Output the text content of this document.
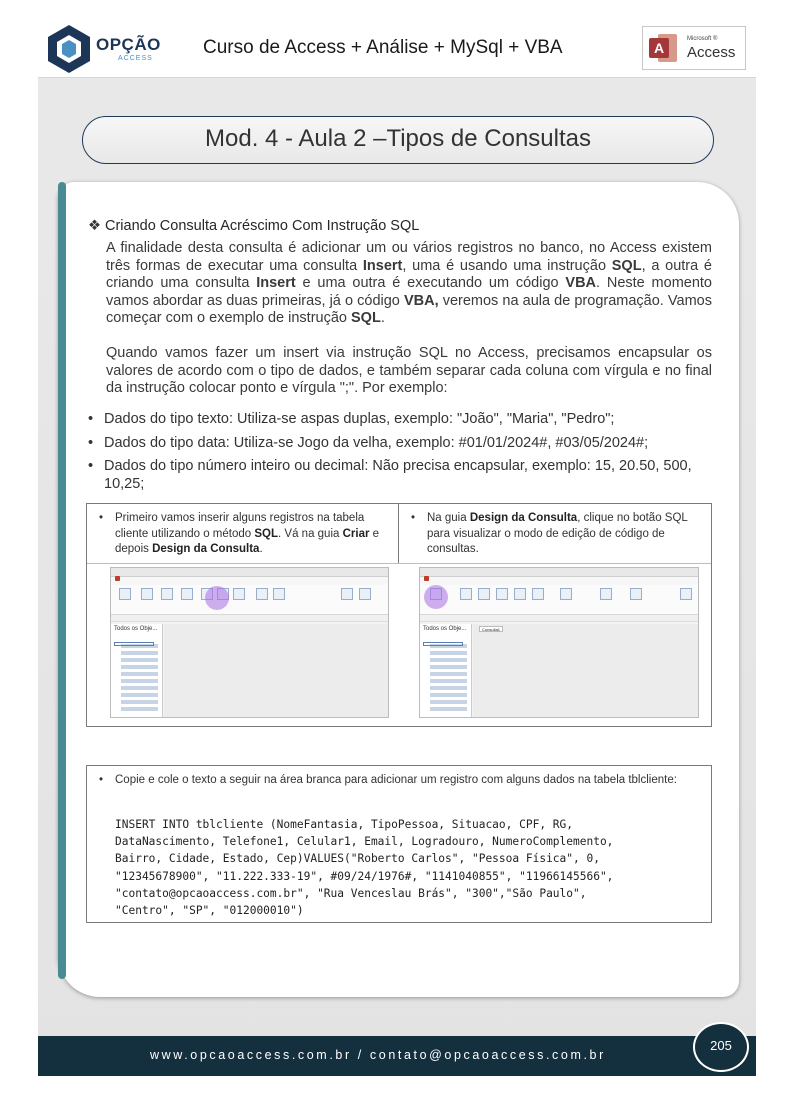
OPÇÃO
ACCESS
Curso de Access + Análise + MySql + VBA	A
Microsoft ®
Access
Mod. 4 - Aula 2 –Tipos de Consultas
❖ Criando Consulta Acréscimo Com Instrução SQL
A finalidade desta consulta é adicionar um ou vários registros no banco, no Access existem três formas de executar uma consulta Insert, uma é usando uma instrução SQL, a outra é criando uma consulta Insert e uma outra é executando um código VBA. Neste momento vamos abordar as duas primeiras, já o código VBA, veremos na aula de programação. Vamos começar com o exemplo de instrução SQL.
Quando vamos fazer um insert via instrução SQL no Access, precisamos encapsular os valores de acordo com o tipo de dados, e também separar cada coluna com vírgula e no final da instrução colocar ponto e vírgula ";". Por exemplo:
• Dados do tipo texto: Utiliza-se aspas duplas, exemplo: "João", "Maria", "Pedro";
• Dados do tipo data: Utiliza-se Jogo da velha, exemplo: #01/01/2024#, #03/05/2024#;
• Dados do tipo número inteiro ou decimal: Não precisa encapsular, exemplo: 15, 20.50, 500, 10,25;
• Primeiro vamos inserir alguns registros na tabela cliente utilizando o método SQL. Vá na guia Criar e depois Design da Consulta.
• Na guia Design da Consulta, clique no botão SQL para visualizar o modo de edição de código de consultas.
Todos os Obje...	Todos os Obje...	Consulta1
• Copie e cole o texto a seguir na área branca para adicionar um registro com alguns dados na tabela tblcliente:
INSERT INTO tblcliente (NomeFantasia, TipoPessoa, Situacao, CPF, RG,
DataNascimento, Telefone1, Celular1, Email, Logradouro, NumeroComplemento,
Bairro, Cidade, Estado, Cep)VALUES("Roberto Carlos", "Pessoa Física", 0,
"12345678900", "11.222.333-19", #09/24/1976#, "1141040855", "11966145566",
"contato@opcaoaccess.com.br", "Rua Venceslau Brás", "300","São Paulo",
"Centro", "SP", "012000010")
www.opcaoaccess.com.br / contato@opcaoaccess.com.br
205
